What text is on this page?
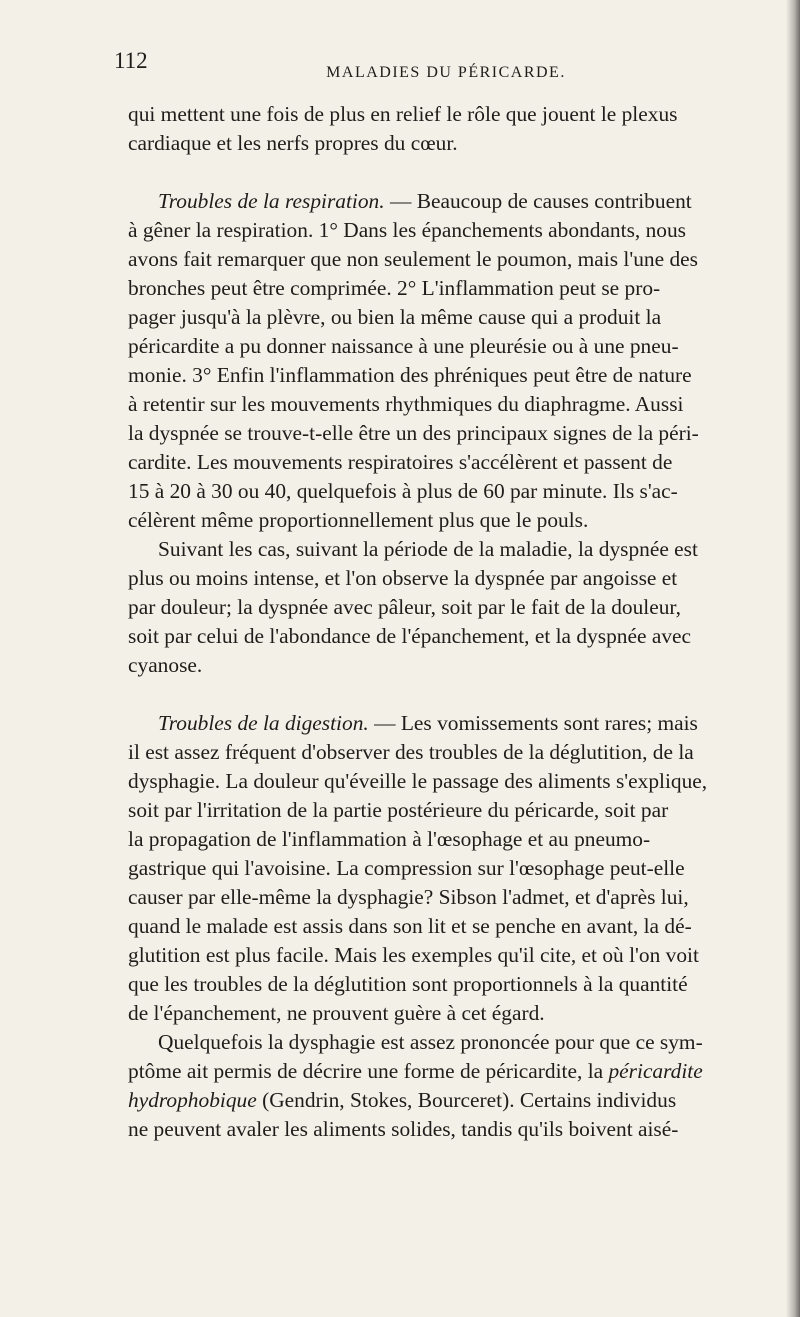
112	MALADIES DU PÉRICARDE.
qui mettent une fois de plus en relief le rôle que jouent le plexus
cardiaque et les nerfs propres du cœur.
Troubles de la respiration. — Beaucoup de causes contribuent
à gêner la respiration. 1° Dans les épanchements abondants, nous
avons fait remarquer que non seulement le poumon, mais l'une des
bronches peut être comprimée. 2° L'inflammation peut se pro-
pager jusqu'à la plèvre, ou bien la même cause qui a produit la
péricardite a pu donner naissance à une pleurésie ou à une pneu-
monie. 3° Enfin l'inflammation des phréniques peut être de nature
à retentir sur les mouvements rhythmiques du diaphragme. Aussi
la dyspnée se trouve-t-elle être un des principaux signes de la péri-
cardite. Les mouvements respiratoires s'accélèrent et passent de
15 à 20 à 30 ou 40, quelquefois à plus de 60 par minute. Ils s'ac-
célèrent même proportionnellement plus que le pouls.
Suivant les cas, suivant la période de la maladie, la dyspnée est
plus ou moins intense, et l'on observe la dyspnée par angoisse et
par douleur; la dyspnée avec pâleur, soit par le fait de la douleur,
soit par celui de l'abondance de l'épanchement, et la dyspnée avec
cyanose.
Troubles de la digestion. — Les vomissements sont rares; mais
il est assez fréquent d'observer des troubles de la déglutition, de la
dysphagie. La douleur qu'éveille le passage des aliments s'explique,
soit par l'irritation de la partie postérieure du péricarde, soit par
la propagation de l'inflammation à l'œsophage et au pneumo-
gastrique qui l'avoisine. La compression sur l'œsophage peut-elle
causer par elle-même la dysphagie? Sibson l'admet, et d'après lui,
quand le malade est assis dans son lit et se penche en avant, la dé-
glutition est plus facile. Mais les exemples qu'il cite, et où l'on voit
que les troubles de la déglutition sont proportionnels à la quantité
de l'épanchement, ne prouvent guère à cet égard.
Quelquefois la dysphagie est assez prononcée pour que ce sym-
ptôme ait permis de décrire une forme de péricardite, la péricardite
hydrophobique (Gendrin, Stokes, Bourceret). Certains individus
ne peuvent avaler les aliments solides, tandis qu'ils boivent aisé-
